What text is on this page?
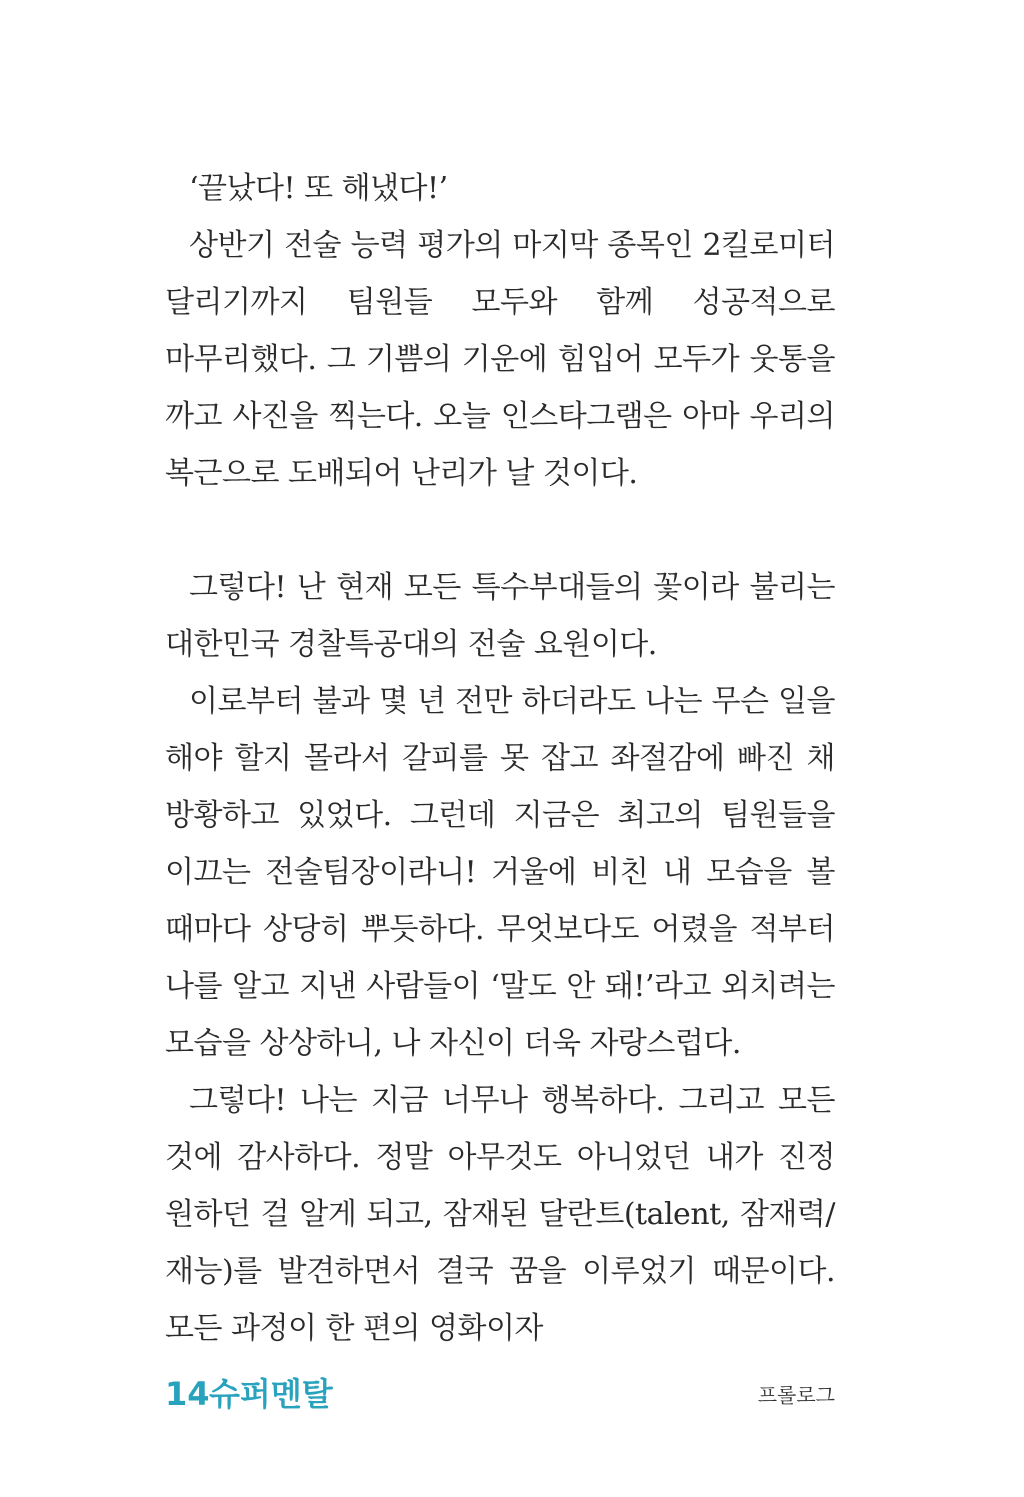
‘끝났다! 또 해냈다!’

상반기 전술 능력 평가의 마지막 종목인 2킬로미터 달리기까지 팀원들 모두와 함께 성공적으로 마무리했다. 그 기쁨의 기운에 힘입어 모두가 웃통을 까고 사진을 찍는다. 오늘 인스타그램은 아마 우리의 복근으로 도배되어 난리가 날 것이다.

그렇다! 난 현재 모든 특수부대들의 꽃이라 불리는 대한민국 경찰특공대의 전술 요원이다.

이로부터 불과 몇 년 전만 하더라도 나는 무슨 일을 해야 할지 몰라서 갈피를 못 잡고 좌절감에 빠진 채 방황하고 있었다. 그런데 지금은 최고의 팀원들을 이끄는 전술팀장이라니! 거울에 비친 내 모습을 볼 때마다 상당히 뿌듯하다. 무엇보다도 어렸을 적부터 나를 알고 지낸 사람들이 ‘말도 안 돼!’라고 외치려는 모습을 상상하니, 나 자신이 더욱 자랑스럽다.

그렇다! 나는 지금 너무나 행복하다. 그리고 모든 것에 감사하다. 정말 아무것도 아니었던 내가 진정 원하던 걸 알게 되고, 잠재된 달란트(talent, 잠재력/재능)를 발견하면서 결국 꿈을 이루었기 때문이다. 모든 과정이 한 편의 영화이자

14 슈퍼멘탈	프롤로그
